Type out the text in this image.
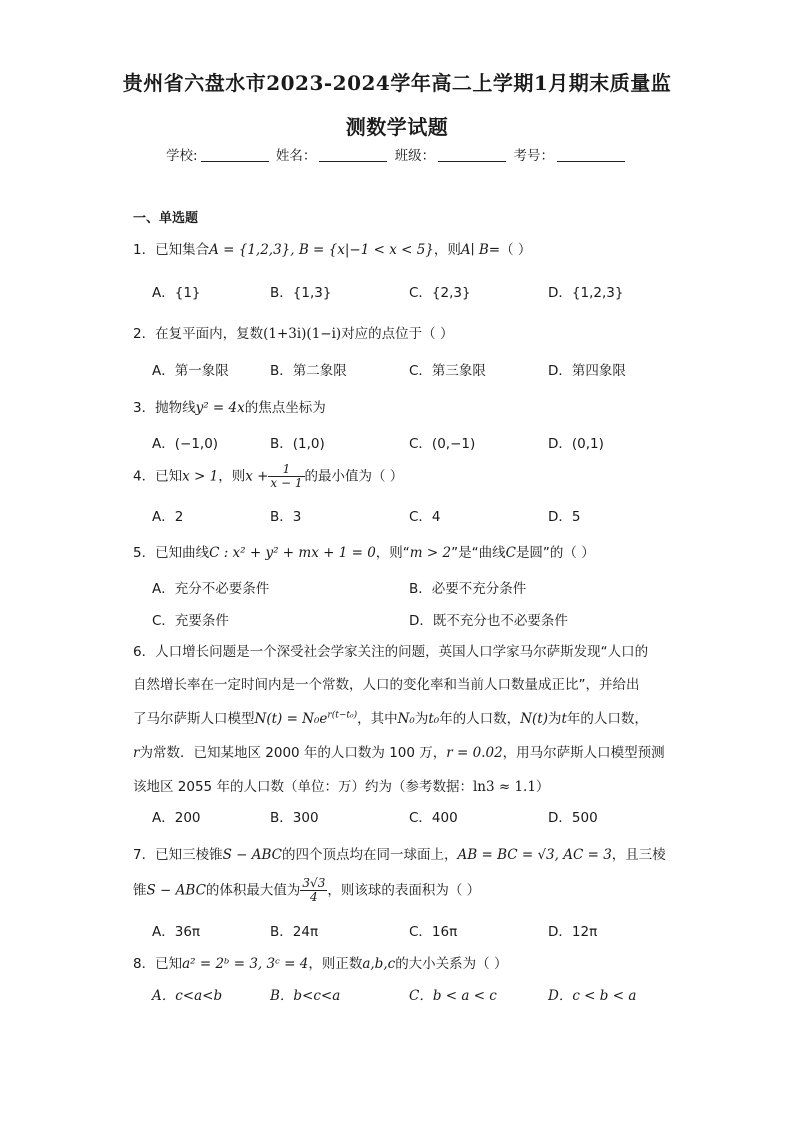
贵州省六盘水市2023-2024学年高二上学期1月期末质量监
测数学试题
学校:	姓名：	班级：	考号：
一、单选题
1．已知集合A = {1,2,3}, B = {x|−1 < x < 5}，则A∣ B=（ ）
A．{1}	B．{1,3}	C．{2,3}	D．{1,2,3}
2．在复平面内，复数(1+3i)(1−i)对应的点位于（ ）
A．第一象限	B．第二象限	C．第三象限	D．第四象限
3．抛物线y² = 4x的焦点坐标为
A．(−1,0)	B．(1,0)	C．(0,−1)	D．(0,1)
4．已知x > 1，则$x + \frac{1}{x - 1}$ 的最小值为（ ）
A．2	B．3	C．4	D．5
5．已知曲线C : x² + y² + mx + 1 = 0，则“m > 2”是“曲线C是圆”的（ ）
A．充分不必要条件	B．必要不充分条件
C．充要条件	D．既不充分也不必要条件
6．人口增长问题是一个深受社会学家关注的问题，英国人口学家马尔萨斯发现“人口的
自然增长率在一定时间内是一个常数，人口的变化率和当前人口数量成正比”，并给出
了马尔萨斯人口模型$N(t) = N_0e^{r(t-t_0)}$，其中N₀为t₀年的人口数，N(t)为t年的人口数，
r为常数．已知某地区 2000 年的人口数为 100 万，r = 0.02，用马尔萨斯人口模型预测
该地区 2055 年的人口数（单位：万）约为（参考数据：ln3 ≈ 1.1）
A．200	B．300	C．400	D．500
7．已知三棱锥S − ABC的四个顶点均在同一球面上，AB = BC = √3, AC = 3，且三棱
锥S − ABC的体积最大值为 $\frac{3√3}{4}$ ，则该球的表面积为（ ）
A．36π	B．24π	C．16π	D．12π
8．已知a² = 2ᵇ = 3, 3ᶜ = 4，则正数a,b,c的大小关系为（ ）
A．c<a<b	B．b<c<a	C．b < a < c	D．c < b < a
